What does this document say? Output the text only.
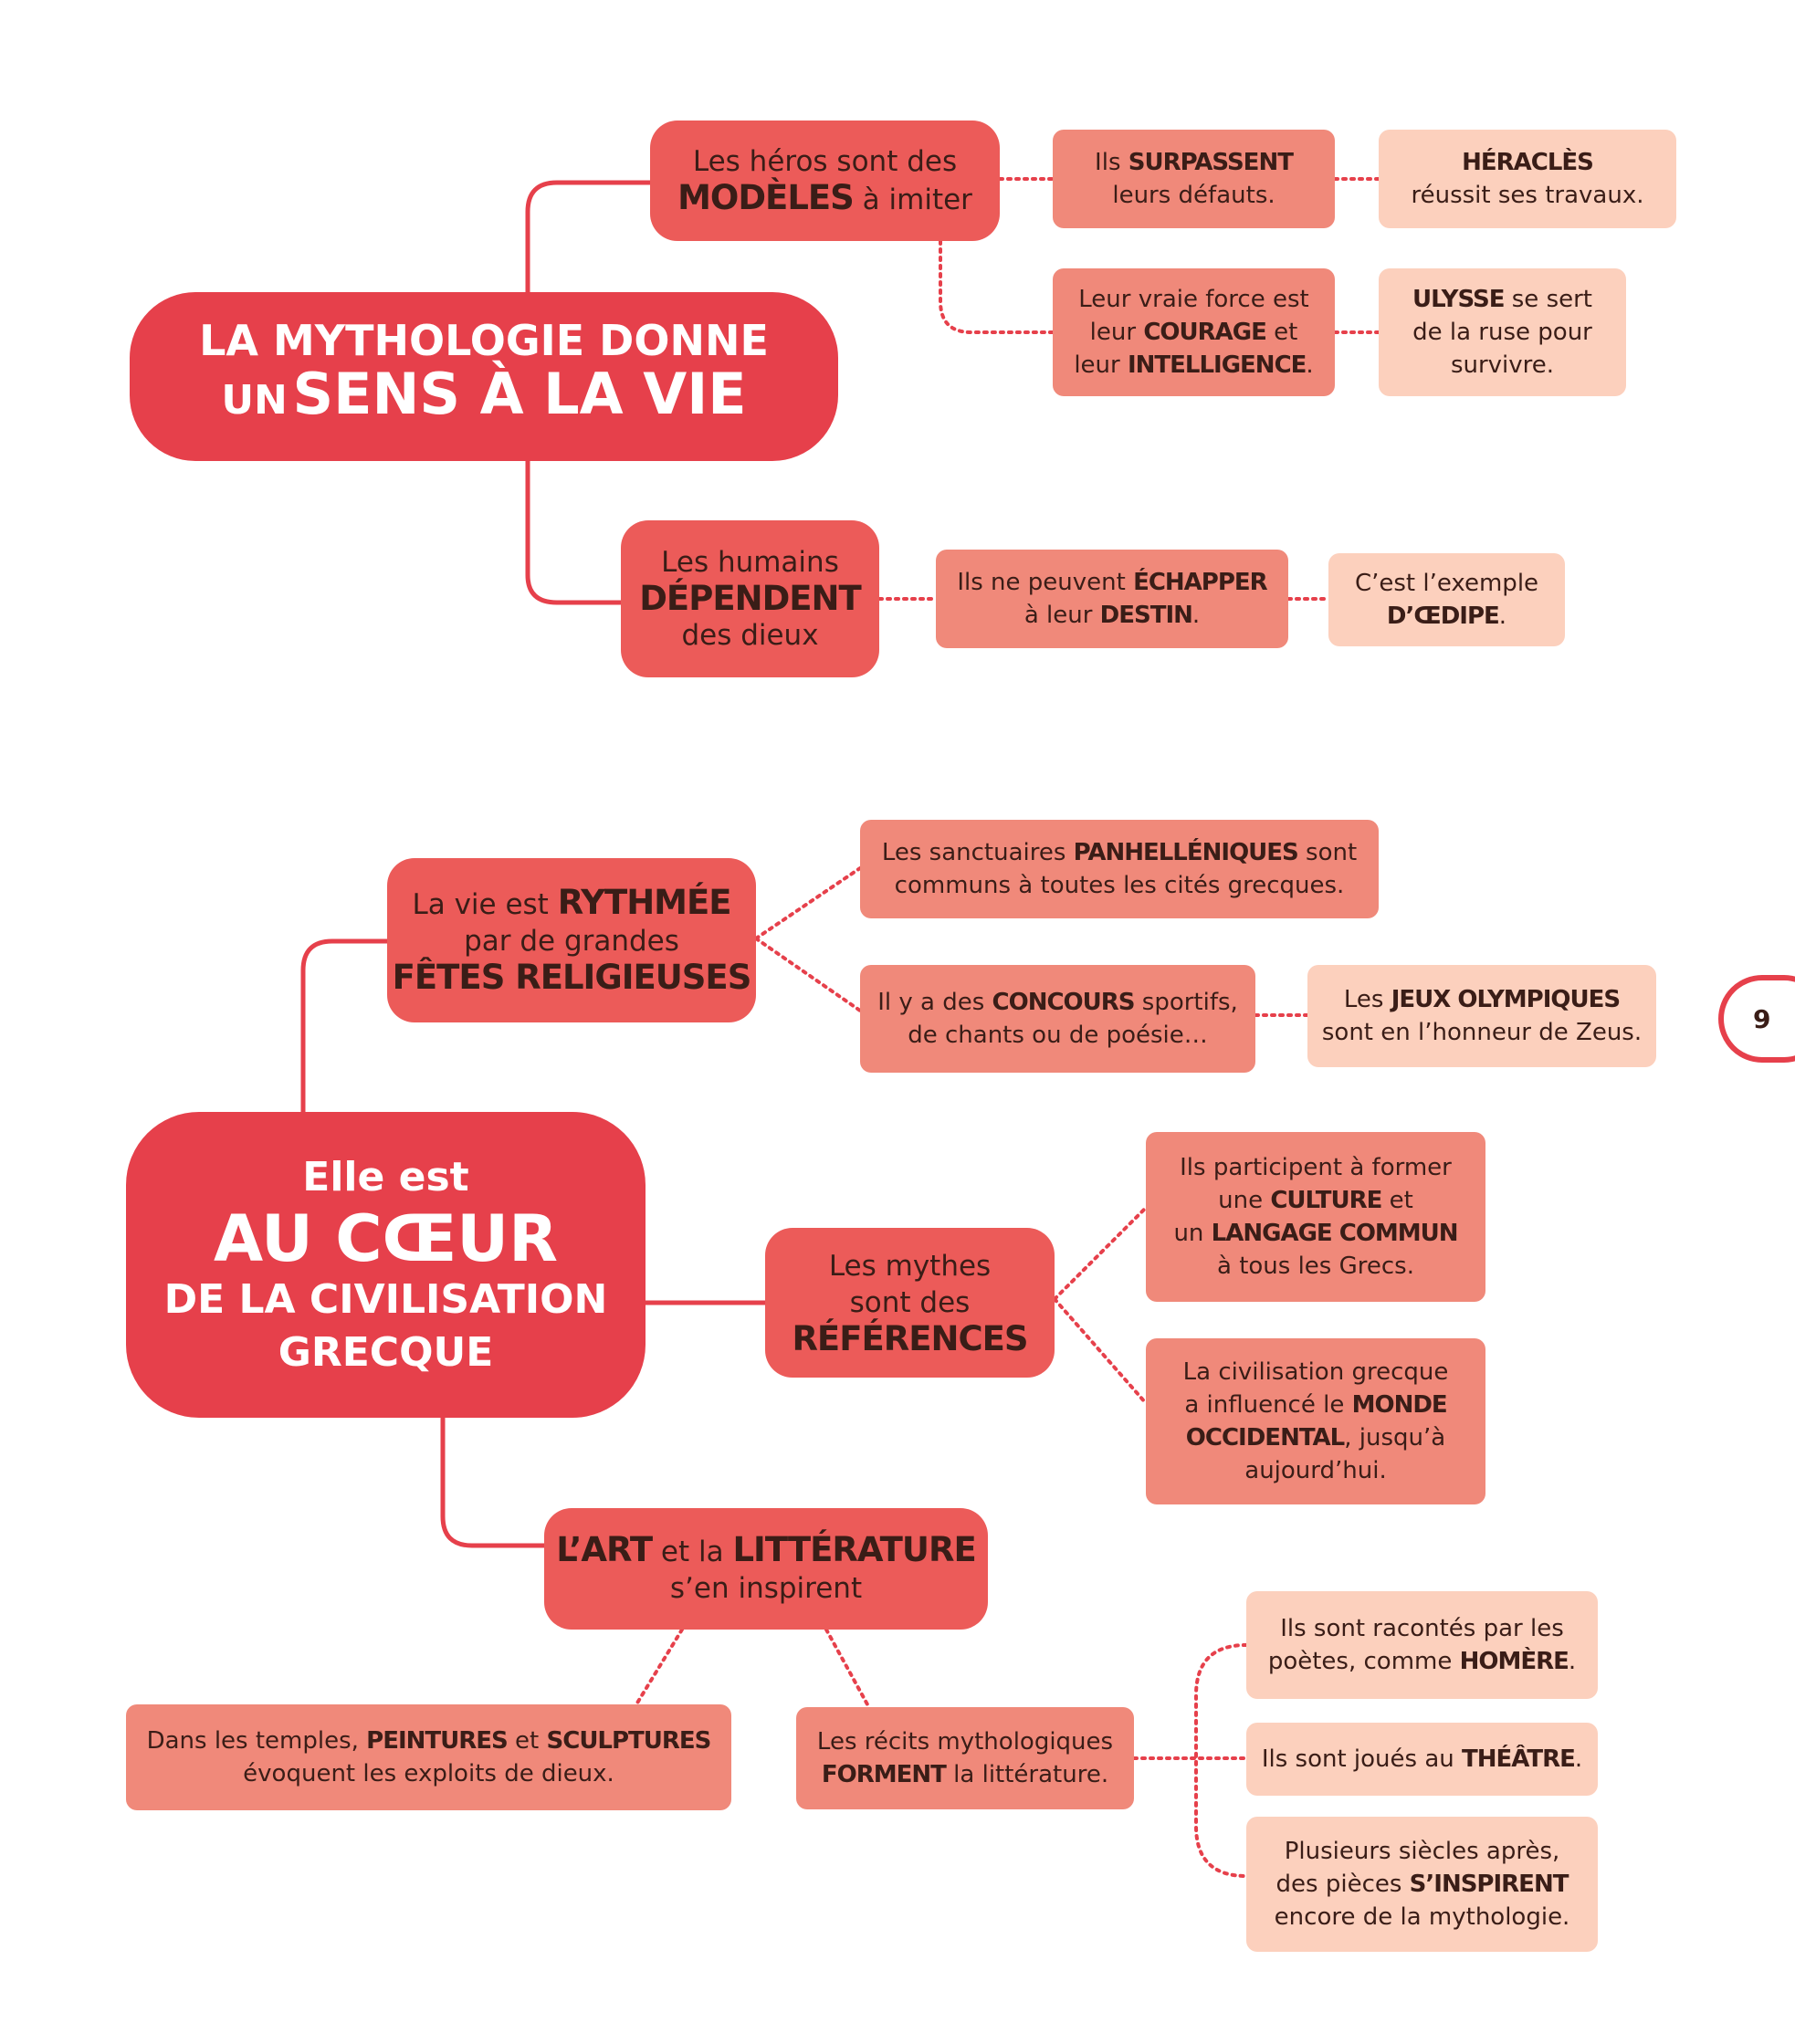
LA MYTHOLOGIE DONNE
UN SENS À LA VIE
Les héros sont des
MODÈLES à imiter
Ils SURPASSENT
leurs défauts.
HÉRACLÈS
réussit ses travaux.
Leur vraie force est
leur COURAGE et
leur INTELLIGENCE.
ULYSSE se sert
de la ruse pour
survivre.
Les humains
DÉPENDENT
des dieux
Ils ne peuvent ÉCHAPPER
à leur DESTIN.
C’est l’exemple
D’ŒDIPE.
Elle est
AU CŒUR
DE LA CIVILISATION
GRECQUE
La vie est RYTHMÉE
par de grandes
FÊTES RELIGIEUSES
Les sanctuaires PANHELLÉNIQUES sont
communs à toutes les cités grecques.
Il y a des CONCOURS sportifs,
de chants ou de poésie…
Les JEUX OLYMPIQUES
sont en l’honneur de Zeus.
Les mythes
sont des
RÉFÉRENCES
Ils participent à former
une CULTURE et
un LANGAGE COMMUN
à tous les Grecs.
La civilisation grecque
a influencé le MONDE
OCCIDENTAL, jusqu’à
aujourd’hui.
L’ART et la LITTÉRATURE
s’en inspirent
Dans les temples, PEINTURES et SCULPTURES
évoquent les exploits de dieux.
Les récits mythologiques
FORMENT la littérature.
Ils sont racontés par les
poètes, comme HOMÈRE.
Ils sont joués au THÉÂTRE.
Plusieurs siècles après,
des pièces S’INSPIRENT
encore de la mythologie.
9
